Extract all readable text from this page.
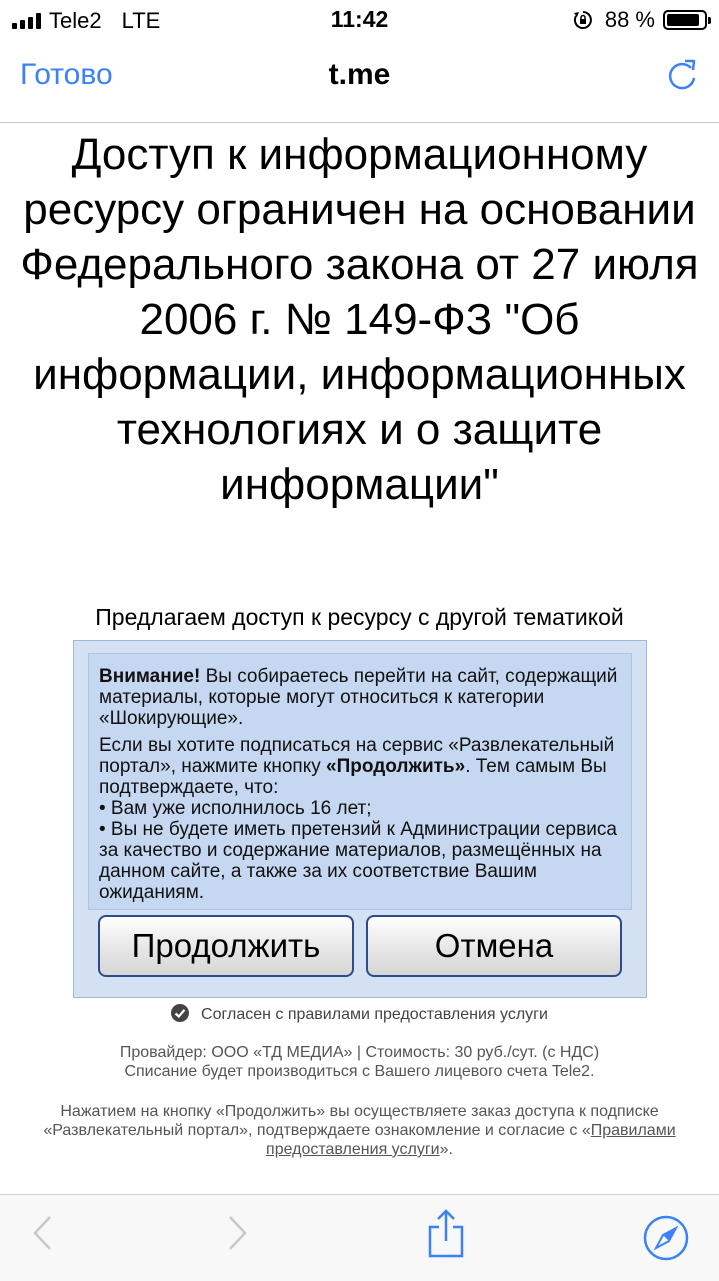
Tele2 LTE	11:42	88 %
Готово	t.me
Доступ к информационному ресурсу ограничен на основании Федерального закона от 27 июля 2006 г. № 149-ФЗ "Об информации, информационных технологиях и о защите информации"
Предлагаем доступ к ресурсу с другой тематикой

Внимание! Вы собираетесь перейти на сайт, содержащий материалы, которые могут относиться к категории «Шокирующие».

Если вы хотите подписаться на сервис «Развлекательный портал», нажмите кнопку «Продолжить». Тем самым Вы подтверждаете, что:
• Вам уже исполнилось 16 лет;
• Вы не будете иметь претензий к Администрации сервиса за качество и содержание материалов, размещённых на данном сайте, а также за их соответствие Вашим ожиданиям.

Продолжить	Отмена
Согласен с правилами предоставления услуги
Провайдер: ООО «ТД МЕДИА» | Стоимость: 30 руб./сут. (с НДС)
Списание будет производиться с Вашего лицевого счета Tele2.
Нажатием на кнопку «Продолжить» вы осуществляете заказ доступа к подписке «Развлекательный портал», подтверждаете ознакомление и согласие с «Правилами предоставления услуги».
